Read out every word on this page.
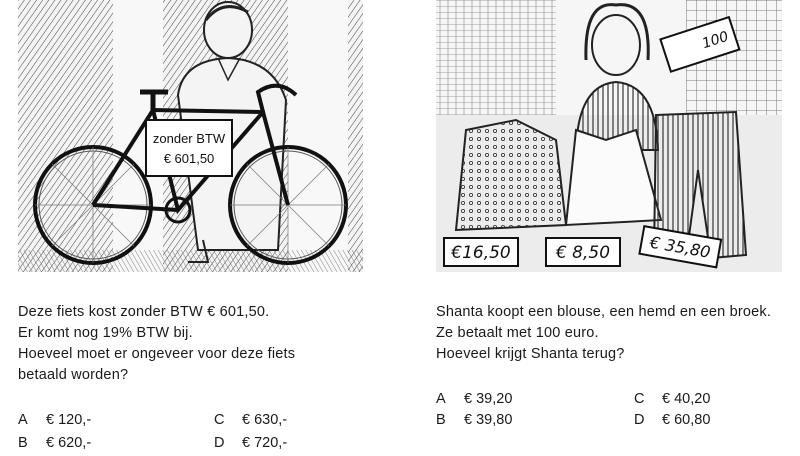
zonder BTW
€ 601,50

Deze fiets kost zonder BTW € 601,50.

Er komt nog 19% BTW bij.

Hoeveel moet er ongeveer voor deze fiets

betaald worden?

A € 120,-
B € 620,-
C € 630,-
D € 720,-
100
€16,50	€ 8,50 € 35,80

Shanta koopt een blouse, een hemd en een broek.

Ze betaalt met 100 euro.

Hoeveel krijgt Shanta terug?

A € 39,20
B € 39,80
C € 40,20
D € 60,80
